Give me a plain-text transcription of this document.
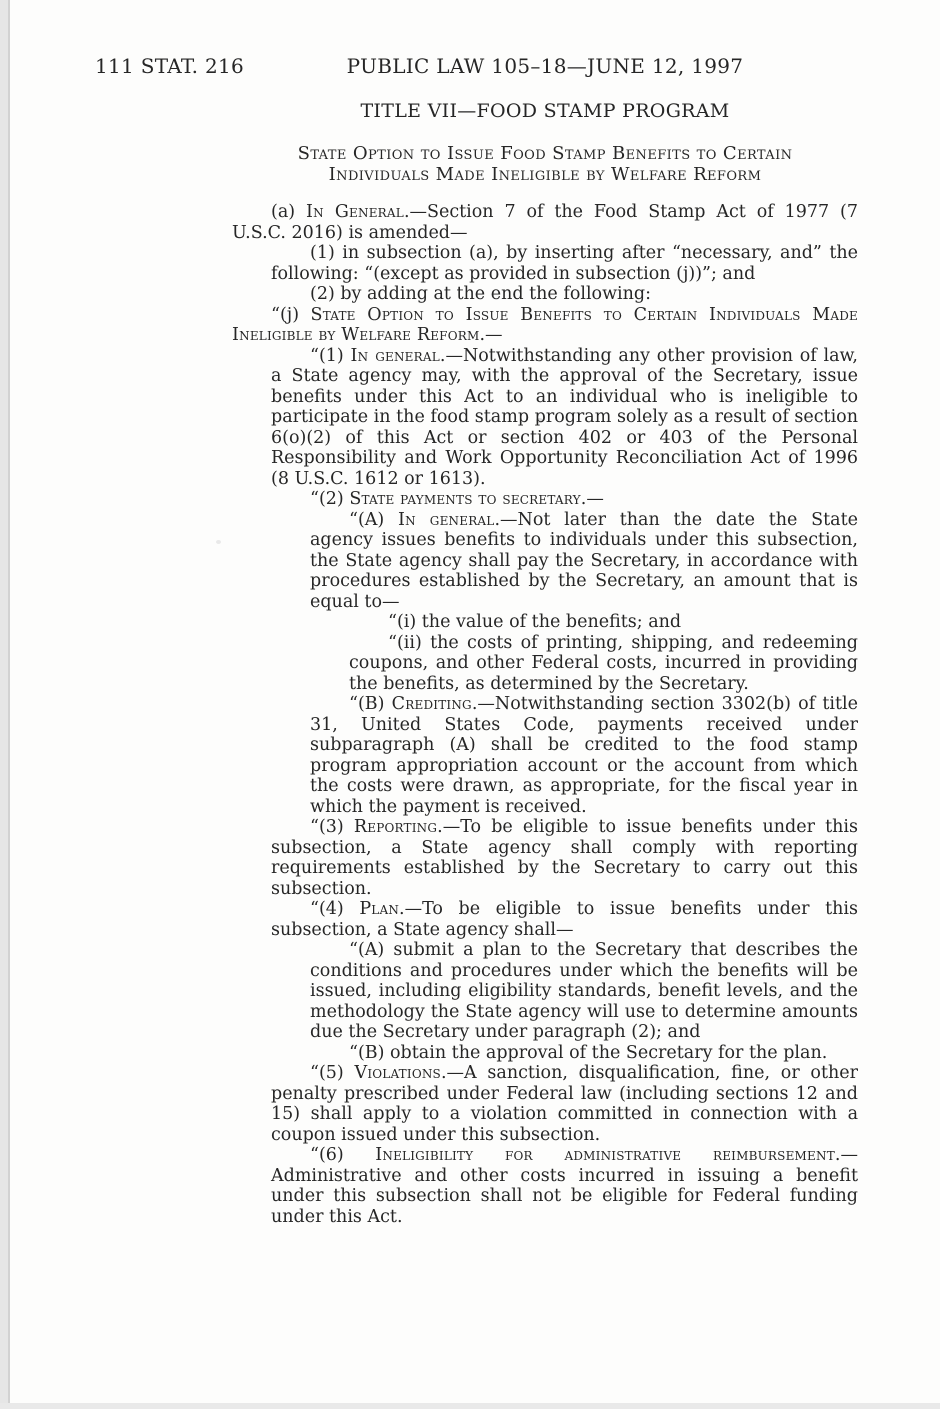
111 STAT. 216	PUBLIC LAW 105–18—JUNE 12, 1997
TITLE VII—FOOD STAMP PROGRAM
State Option to Issue Food Stamp Benefits to Certain
Individuals Made Ineligible by Welfare Reform
(a) In General.—Section 7 of the Food Stamp Act of 1977 (7 U.S.C. 2016) is amended—
(1) in subsection (a), by inserting after “necessary, and” the following: “(except as provided in subsection (j))”; and
(2) by adding at the end the following:
“(j) State Option to Issue Benefits to Certain Individuals Made Ineligible by Welfare Reform.—
“(1) In general.—Notwithstanding any other provision of law, a State agency may, with the approval of the Secretary, issue benefits under this Act to an individual who is ineligible to participate in the food stamp program solely as a result of section 6(o)(2) of this Act or section 402 or 403 of the Personal Responsibility and Work Opportunity Reconciliation Act of 1996 (8 U.S.C. 1612 or 1613).
“(2) State payments to secretary.—
“(A) In general.—Not later than the date the State agency issues benefits to individuals under this subsection, the State agency shall pay the Secretary, in accordance with procedures established by the Secretary, an amount that is equal to—
“(i) the value of the benefits; and
“(ii) the costs of printing, shipping, and redeeming coupons, and other Federal costs, incurred in providing the benefits, as determined by the Secretary.
“(B) Crediting.—Notwithstanding section 3302(b) of title 31, United States Code, payments received under subparagraph (A) shall be credited to the food stamp program appropriation account or the account from which the costs were drawn, as appropriate, for the fiscal year in which the payment is received.
“(3) Reporting.—To be eligible to issue benefits under this subsection, a State agency shall comply with reporting requirements established by the Secretary to carry out this subsection.
“(4) Plan.—To be eligible to issue benefits under this subsection, a State agency shall—
“(A) submit a plan to the Secretary that describes the conditions and procedures under which the benefits will be issued, including eligibility standards, benefit levels, and the methodology the State agency will use to determine amounts due the Secretary under paragraph (2); and
“(B) obtain the approval of the Secretary for the plan.
“(5) Violations.—A sanction, disqualification, fine, or other penalty prescribed under Federal law (including sections 12 and 15) shall apply to a violation committed in connection with a coupon issued under this subsection.
“(6) Ineligibility for administrative reimbursement.—Administrative and other costs incurred in issuing a benefit under this subsection shall not be eligible for Federal funding under this Act.
